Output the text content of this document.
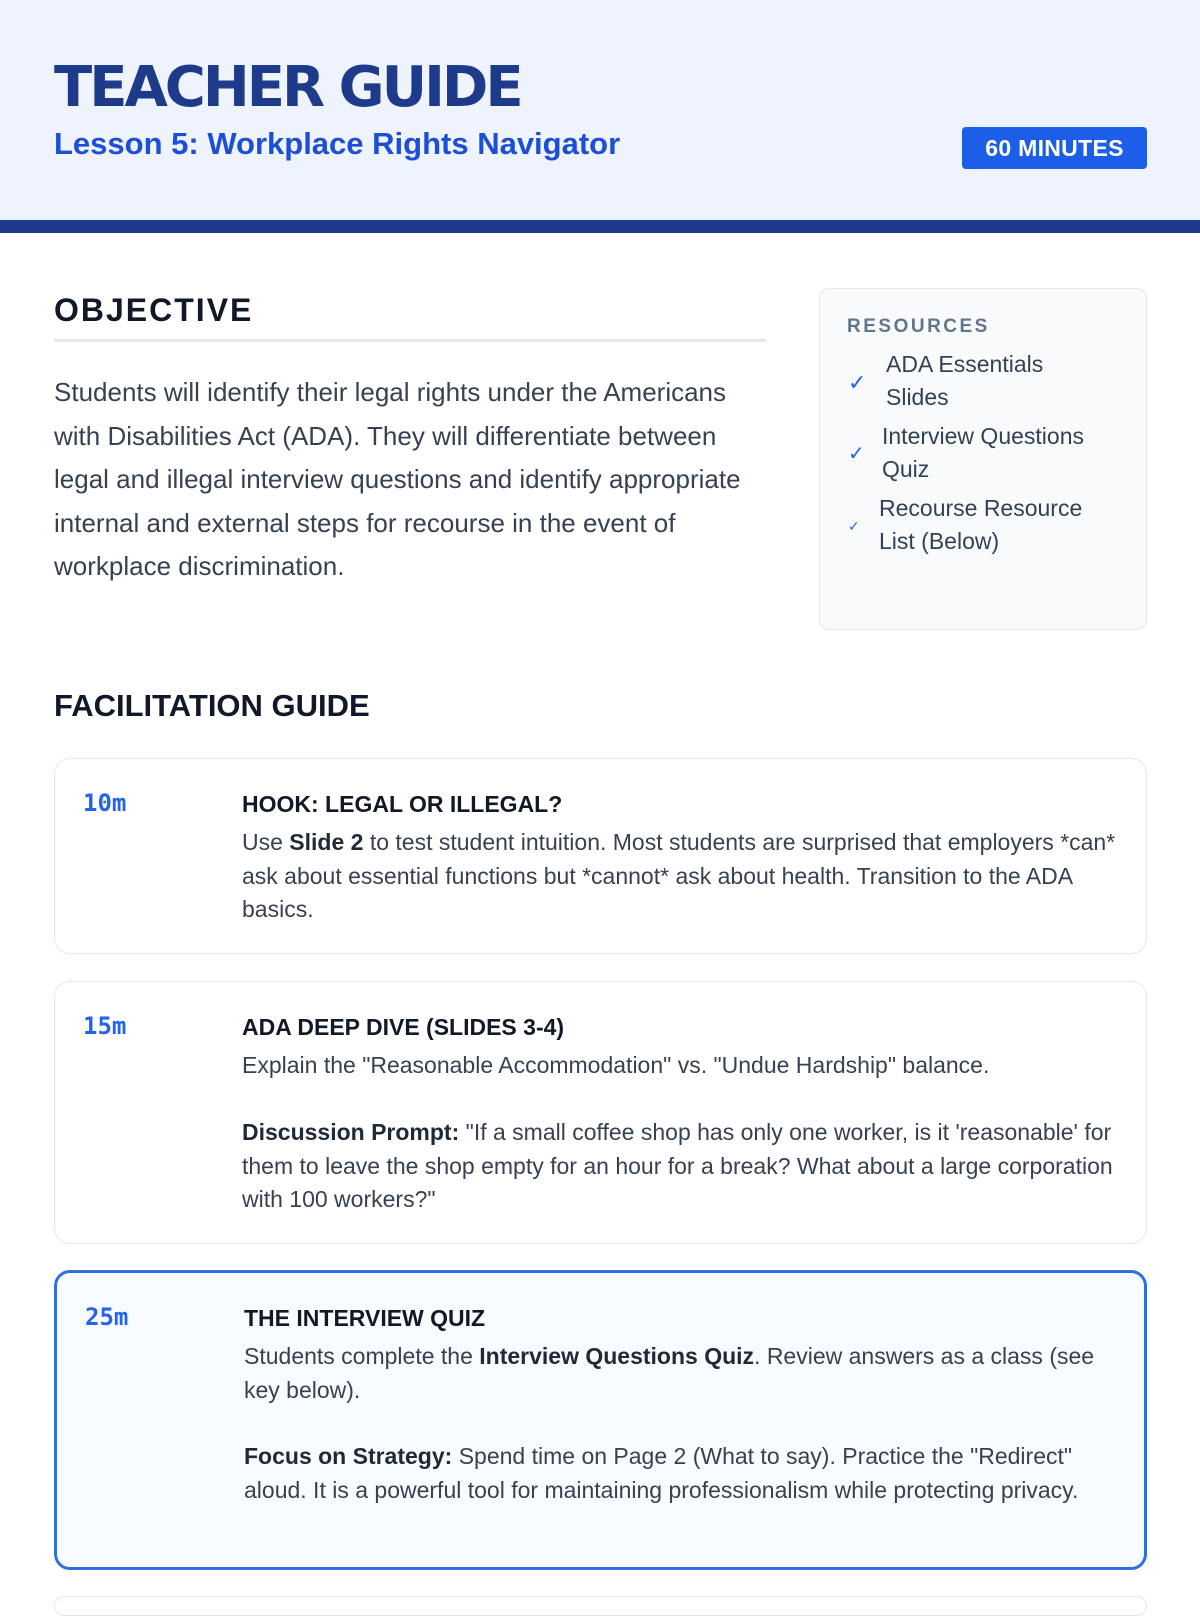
TEACHER GUIDE
Lesson 5: Workplace Rights Navigator	60 MINUTES
OBJECTIVE
Students will identify their legal rights under the Americans with Disabilities Act (ADA). They will differentiate between legal and illegal interview questions and identify appropriate internal and external steps for recourse in the event of workplace discrimination.
RESOURCES
✓
ADA Essentials
Slides
✓
Interview Questions
Quiz
✓
Recourse Resource
List (Below)
FACILITATION GUIDE
10m	HOOK: LEGAL OR ILLEGAL?
Use Slide 2 to test student intuition. Most students are surprised that employers *can* ask about essential functions but *cannot* ask about health. Transition to the ADA basics.
15m	ADA DEEP DIVE (SLIDES 3-4)
Explain the "Reasonable Accommodation" vs. "Undue Hardship" balance.
Discussion Prompt: "If a small coffee shop has only one worker, is it 'reasonable' for them to leave the shop empty for an hour for a break? What about a large corporation with 100 workers?"
25m	THE INTERVIEW QUIZ
Students complete the Interview Questions Quiz. Review answers as a class (see key below).
Focus on Strategy: Spend time on Page 2 (What to say). Practice the "Redirect" aloud. It is a powerful tool for maintaining professionalism while protecting privacy.
